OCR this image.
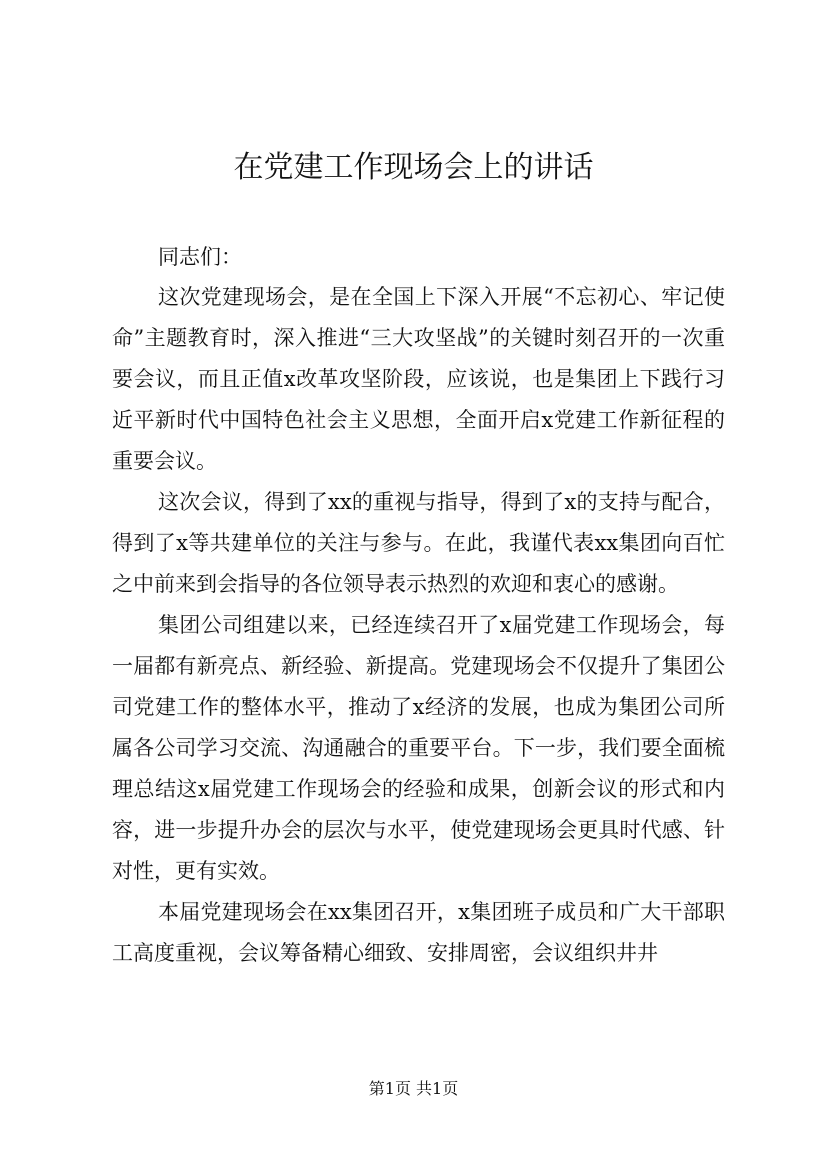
在党建工作现场会上的讲话

同志们：

这次党建现场会，是在全国上下深入开展“不忘初心、牢记使命”主题教育时，深入推进“三大攻坚战”的关键时刻召开的一次重要会议，而且正值x改革攻坚阶段，应该说，也是集团上下践行习近平新时代中国特色社会主义思想，全面开启x党建工作新征程的重要会议。

这次会议，得到了xx的重视与指导，得到了x的支持与配合，得到了x等共建单位的关注与参与。在此，我谨代表xx集团向百忙之中前来到会指导的各位领导表示热烈的欢迎和衷心的感谢。

集团公司组建以来，已经连续召开了x届党建工作现场会，每一届都有新亮点、新经验、新提高。党建现场会不仅提升了集团公司党建工作的整体水平，推动了x经济的发展，也成为集团公司所属各公司学习交流、沟通融合的重要平台。下一步，我们要全面梳理总结这x届党建工作现场会的经验和成果，创新会议的形式和内容，进一步提升办会的层次与水平，使党建现场会更具时代感、针对性，更有实效。

本届党建现场会在xx集团召开，x集团班子成员和广大干部职工高度重视，会议筹备精心细致、安排周密，会议组织井井

第1页 共1页
